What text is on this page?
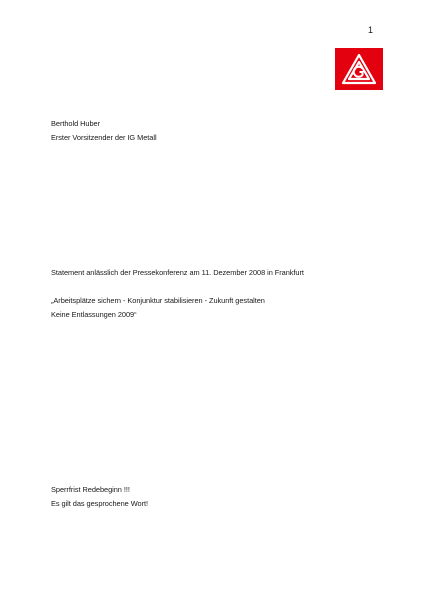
1
Berthold Huber
Erster Vorsitzender der IG Metall
Statement anlässlich der Pressekonferenz am 11. Dezember 2008 in Frankfurt
„Arbeitsplätze sichern - Konjunktur stabilisieren - Zukunft gestalten
Keine Entlassungen 2009“
Sperrfrist Redebeginn !!!
Es gilt das gesprochene Wort!
